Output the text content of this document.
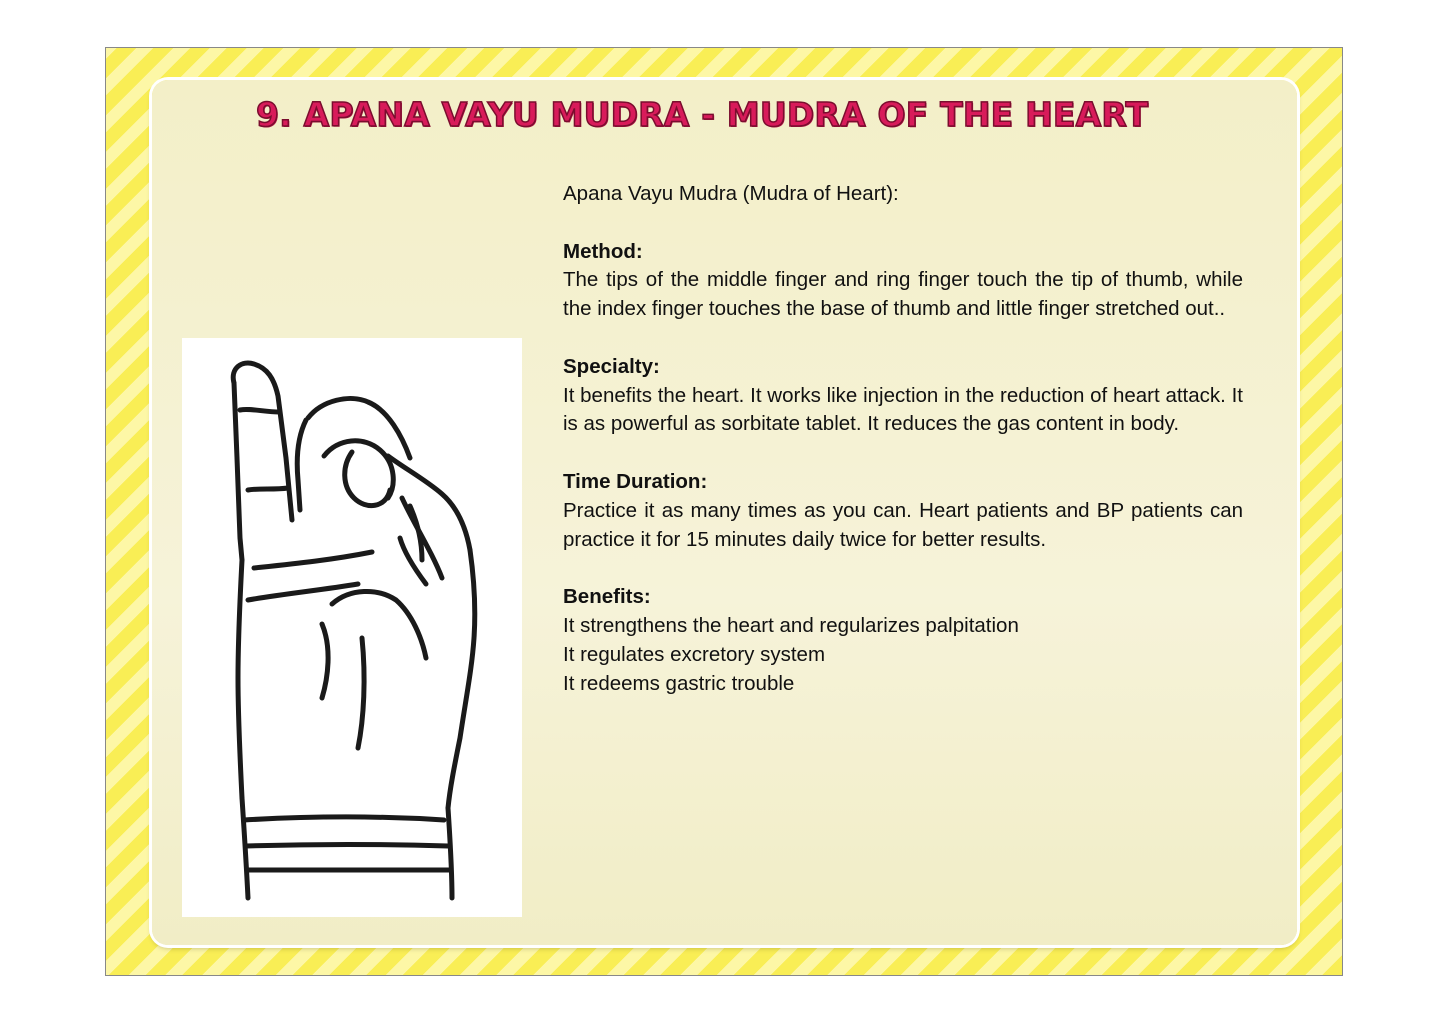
9. APANA VAYU MUDRA - MUDRA OF THE HEART

Apana Vayu Mudra (Mudra of Heart):

Method:

The tips of the middle finger and ring finger touch the tip of thumb, while the index finger touches the base of thumb and little finger stretched out..

Specialty:

It benefits the heart. It works like injection in the reduction of heart attack. It is as powerful as sorbitate tablet. It reduces the gas content in body.

Time Duration:

Practice it as many times as you can. Heart patients and BP patients can practice it for 15 minutes daily twice for better results.

Benefits:

It strengthens the heart and regularizes palpitation

It regulates excretory system

It redeems gastric trouble
